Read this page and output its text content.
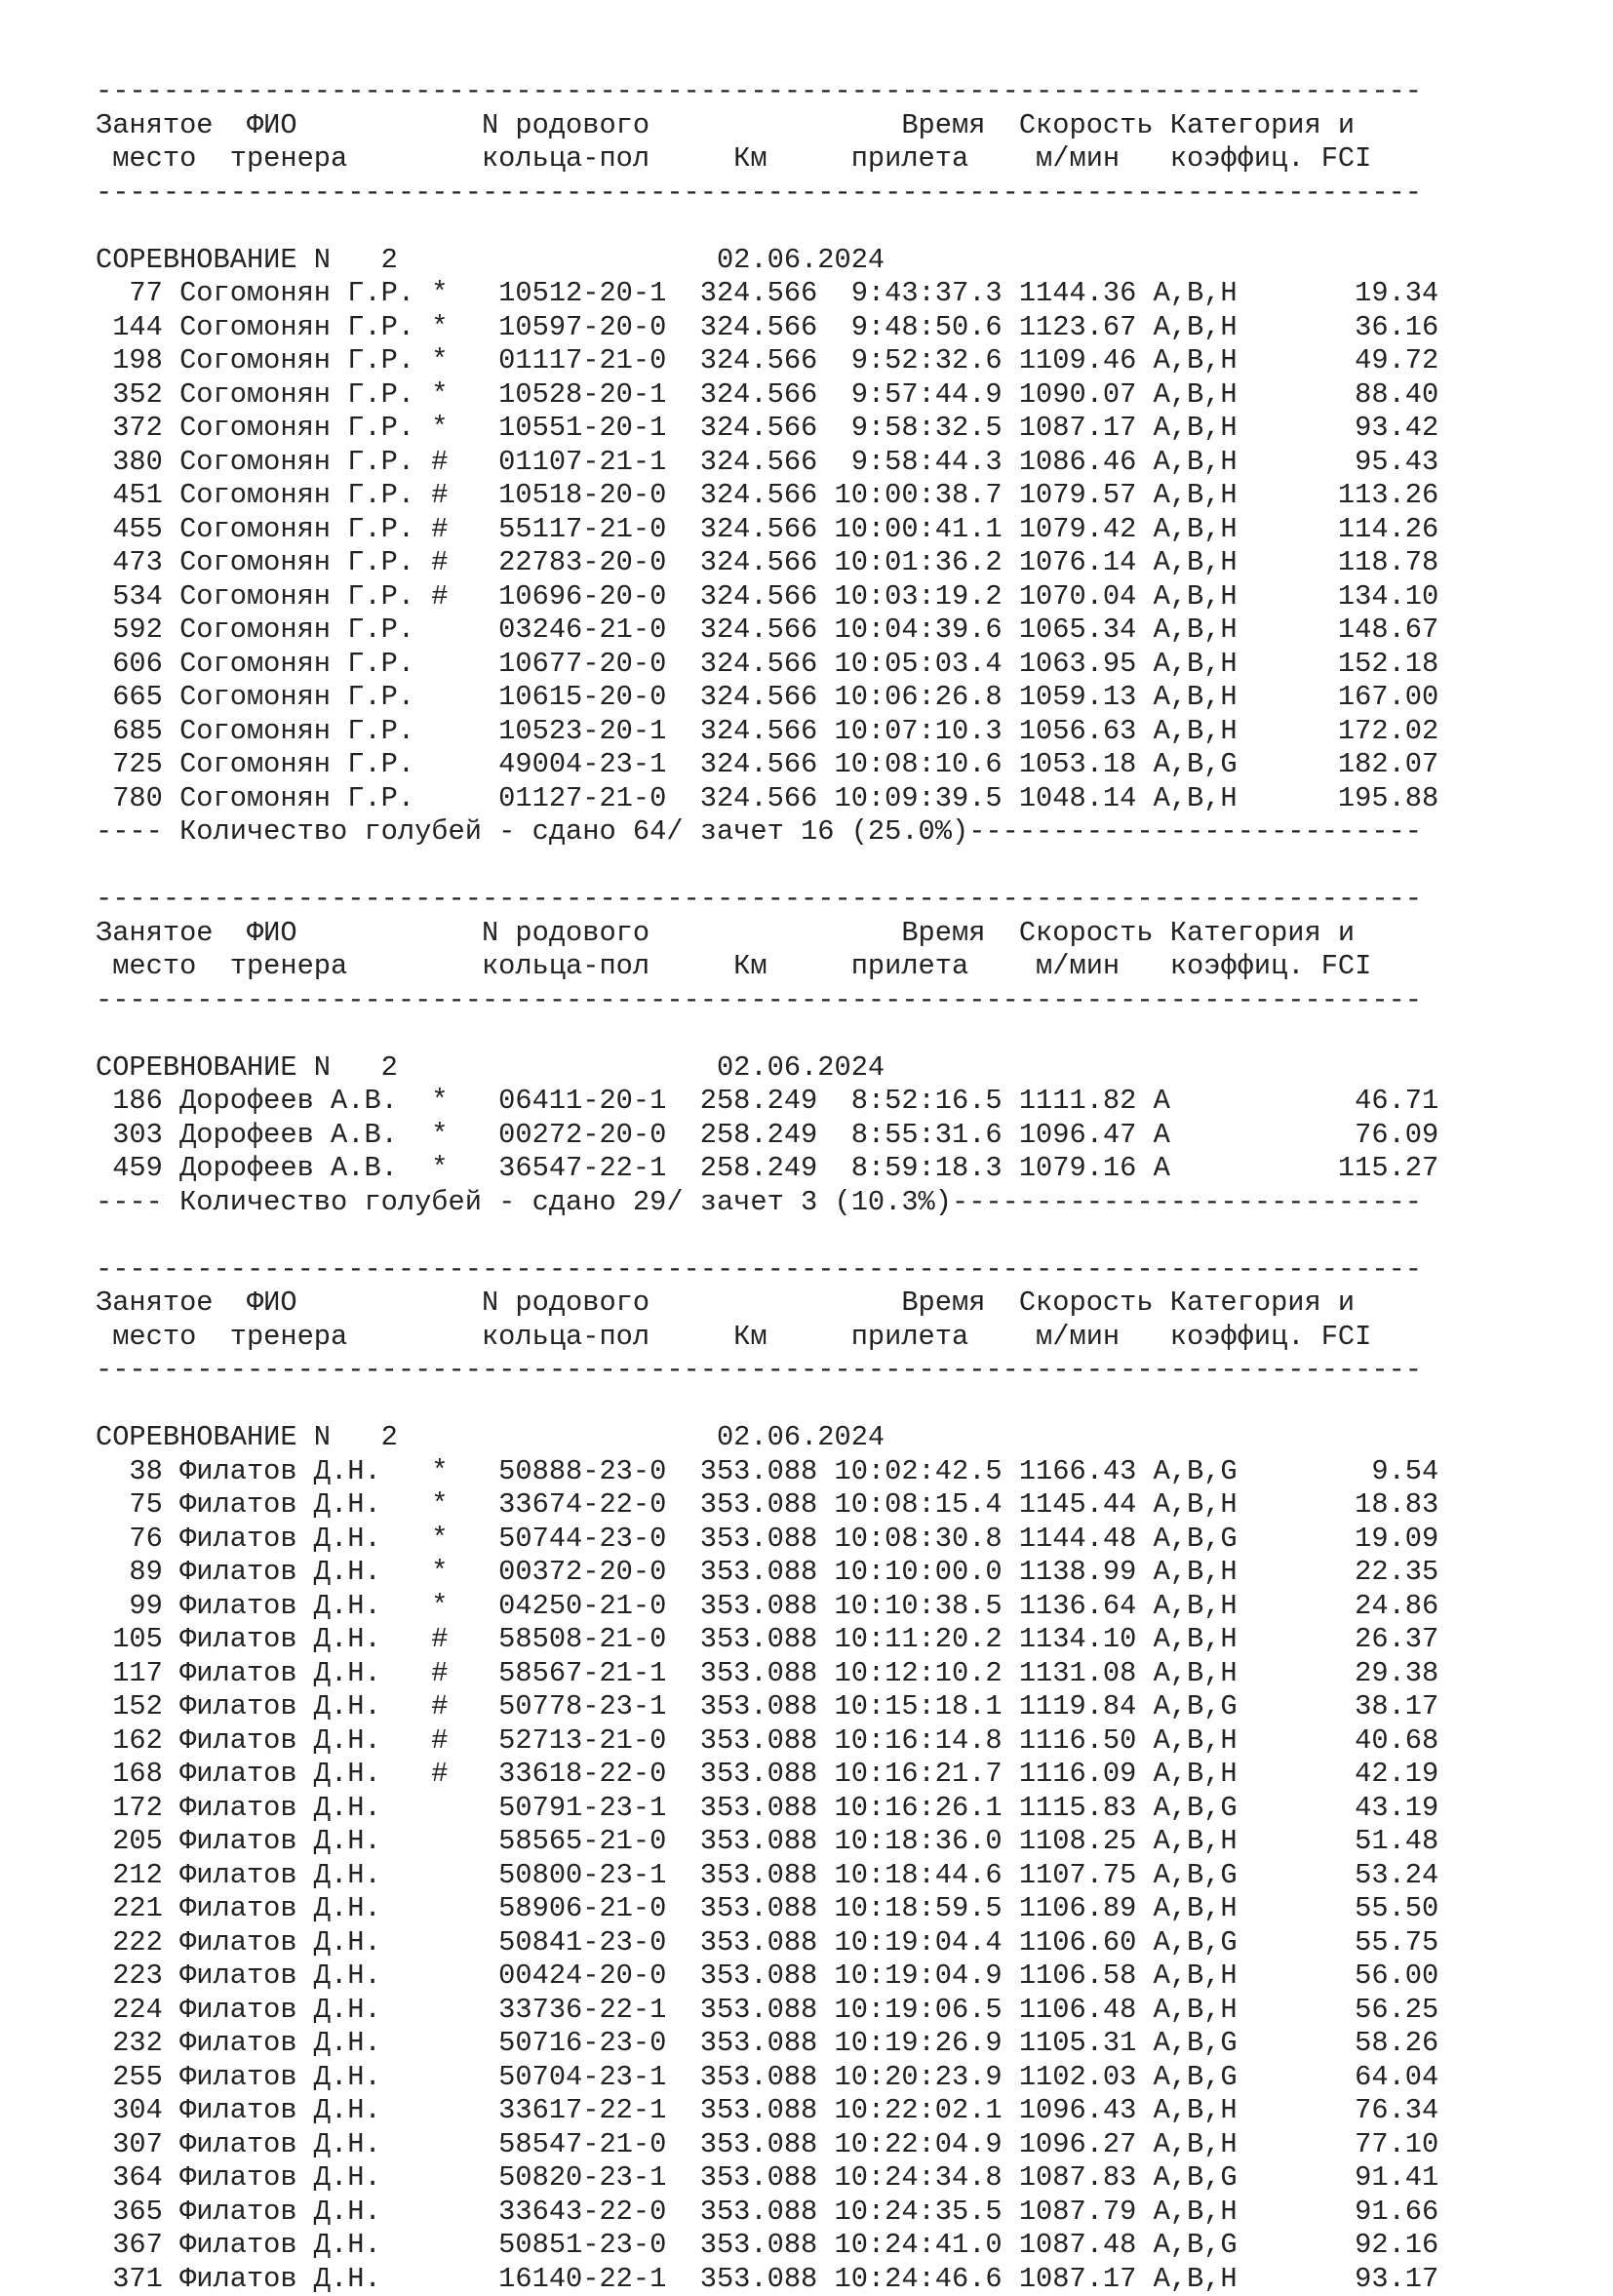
-------------------------------------------------------------------------------
Занятое  ФИО           N родового               Время  Скорость Категория и
место  тренера        кольца-пол     Км     прилета    м/мин   коэффиц. FCI
-------------------------------------------------------------------------------
СОРЕВНОВАНИЕ N   2                   02.06.2024
77 Согомонян Г.Р. *   10512-20-1  324.566  9:43:37.3 1144.36 A,B,H       19.34
144 Согомонян Г.Р. *   10597-20-0  324.566  9:48:50.6 1123.67 A,B,H       36.16
198 Согомонян Г.Р. *   01117-21-0  324.566  9:52:32.6 1109.46 A,B,H       49.72
352 Согомонян Г.Р. *   10528-20-1  324.566  9:57:44.9 1090.07 A,B,H       88.40
372 Согомонян Г.Р. *   10551-20-1  324.566  9:58:32.5 1087.17 A,B,H       93.42
380 Согомонян Г.Р. #   01107-21-1  324.566  9:58:44.3 1086.46 A,B,H       95.43
451 Согомонян Г.Р. #   10518-20-0  324.566 10:00:38.7 1079.57 A,B,H      113.26
455 Согомонян Г.Р. #   55117-21-0  324.566 10:00:41.1 1079.42 A,B,H      114.26
473 Согомонян Г.Р. #   22783-20-0  324.566 10:01:36.2 1076.14 A,B,H      118.78
534 Согомонян Г.Р. #   10696-20-0  324.566 10:03:19.2 1070.04 A,B,H      134.10
592 Согомонян Г.Р.     03246-21-0  324.566 10:04:39.6 1065.34 A,B,H      148.67
606 Согомонян Г.Р.     10677-20-0  324.566 10:05:03.4 1063.95 A,B,H      152.18
665 Согомонян Г.Р.     10615-20-0  324.566 10:06:26.8 1059.13 A,B,H      167.00
685 Согомонян Г.Р.     10523-20-1  324.566 10:07:10.3 1056.63 A,B,H      172.02
725 Согомонян Г.Р.     49004-23-1  324.566 10:08:10.6 1053.18 A,B,G      182.07
780 Согомонян Г.Р.     01127-21-0  324.566 10:09:39.5 1048.14 A,B,H      195.88
---- Количество голубей - сдано 64/ зачет 16 (25.0%)---------------------------
-------------------------------------------------------------------------------
Занятое  ФИО           N родового               Время  Скорость Категория и
место  тренера        кольца-пол     Км     прилета    м/мин   коэффиц. FCI
-------------------------------------------------------------------------------
СОРЕВНОВАНИЕ N   2                   02.06.2024
186 Дорофеев А.В.  *   06411-20-1  258.249  8:52:16.5 1111.82 A           46.71
303 Дорофеев А.В.  *   00272-20-0  258.249  8:55:31.6 1096.47 A           76.09
459 Дорофеев А.В.  *   36547-22-1  258.249  8:59:18.3 1079.16 A          115.27
---- Количество голубей - сдано 29/ зачет 3 (10.3%)----------------------------
-------------------------------------------------------------------------------
Занятое  ФИО           N родового               Время  Скорость Категория и
место  тренера        кольца-пол     Км     прилета    м/мин   коэффиц. FCI
-------------------------------------------------------------------------------
СОРЕВНОВАНИЕ N   2                   02.06.2024
38 Филатов Д.Н.   *   50888-23-0  353.088 10:02:42.5 1166.43 A,B,G        9.54
75 Филатов Д.Н.   *   33674-22-0  353.088 10:08:15.4 1145.44 A,B,H       18.83
76 Филатов Д.Н.   *   50744-23-0  353.088 10:08:30.8 1144.48 A,B,G       19.09
89 Филатов Д.Н.   *   00372-20-0  353.088 10:10:00.0 1138.99 A,B,H       22.35
99 Филатов Д.Н.   *   04250-21-0  353.088 10:10:38.5 1136.64 A,B,H       24.86
105 Филатов Д.Н.   #   58508-21-0  353.088 10:11:20.2 1134.10 A,B,H       26.37
117 Филатов Д.Н.   #   58567-21-1  353.088 10:12:10.2 1131.08 A,B,H       29.38
152 Филатов Д.Н.   #   50778-23-1  353.088 10:15:18.1 1119.84 A,B,G       38.17
162 Филатов Д.Н.   #   52713-21-0  353.088 10:16:14.8 1116.50 A,B,H       40.68
168 Филатов Д.Н.   #   33618-22-0  353.088 10:16:21.7 1116.09 A,B,H       42.19
172 Филатов Д.Н.       50791-23-1  353.088 10:16:26.1 1115.83 A,B,G       43.19
205 Филатов Д.Н.       58565-21-0  353.088 10:18:36.0 1108.25 A,B,H       51.48
212 Филатов Д.Н.       50800-23-1  353.088 10:18:44.6 1107.75 A,B,G       53.24
221 Филатов Д.Н.       58906-21-0  353.088 10:18:59.5 1106.89 A,B,H       55.50
222 Филатов Д.Н.       50841-23-0  353.088 10:19:04.4 1106.60 A,B,G       55.75
223 Филатов Д.Н.       00424-20-0  353.088 10:19:04.9 1106.58 A,B,H       56.00
224 Филатов Д.Н.       33736-22-1  353.088 10:19:06.5 1106.48 A,B,H       56.25
232 Филатов Д.Н.       50716-23-0  353.088 10:19:26.9 1105.31 A,B,G       58.26
255 Филатов Д.Н.       50704-23-1  353.088 10:20:23.9 1102.03 A,B,G       64.04
304 Филатов Д.Н.       33617-22-1  353.088 10:22:02.1 1096.43 A,B,H       76.34
307 Филатов Д.Н.       58547-21-0  353.088 10:22:04.9 1096.27 A,B,H       77.10
364 Филатов Д.Н.       50820-23-1  353.088 10:24:34.8 1087.83 A,B,G       91.41
365 Филатов Д.Н.       33643-22-0  353.088 10:24:35.5 1087.79 A,B,H       91.66
367 Филатов Д.Н.       50851-23-0  353.088 10:24:41.0 1087.48 A,B,G       92.16
371 Филатов Д.Н.       16140-22-1  353.088 10:24:46.6 1087.17 A,B,H       93.17
